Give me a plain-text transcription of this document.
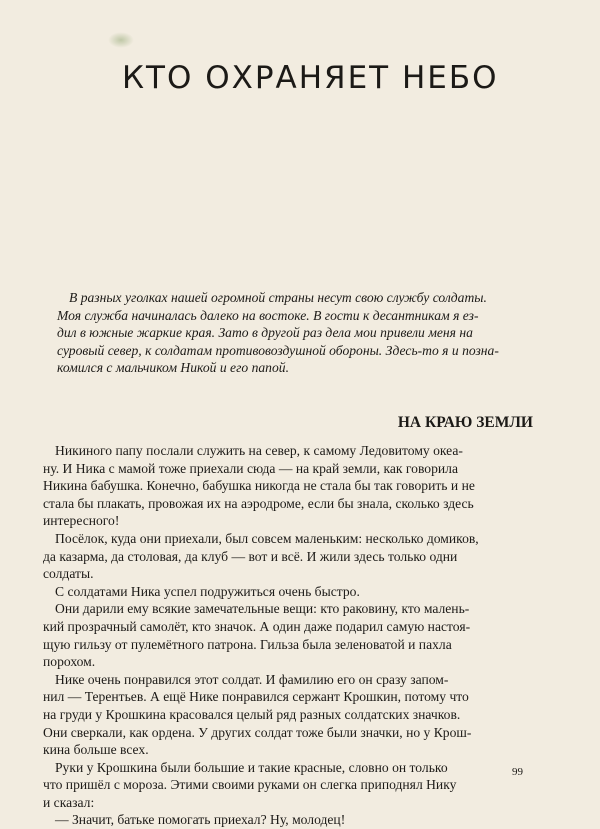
КТО ОХРАНЯЕТ НЕБО
В разных уголках нашей огромной страны несут свою службу солдаты.
Моя служба начиналась далеко на востоке. В гости к десантникам я ез-
дил в южные жаркие края. Зато в другой раз дела мои привели меня на
суровый север, к солдатам противовоздушной обороны. Здесь-то я и позна-
комился с мальчиком Никой и его папой.
НА КРАЮ ЗЕМЛИ
Никиного папу послали служить на север, к самому Ледовитому океа-
ну. И Ника с мамой тоже приехали сюда — на край земли, как говорила
Никина бабушка. Конечно, бабушка никогда не стала бы так говорить и не
стала бы плакать, провожая их на аэродроме, если бы знала, сколько здесь
интересного!
Посёлок, куда они приехали, был совсем маленьким: несколько домиков,
да казарма, да столовая, да клуб — вот и всё. И жили здесь только одни
солдаты.
С солдатами Ника успел подружиться очень быстро.
Они дарили ему всякие замечательные вещи: кто раковину, кто малень-
кий прозрачный самолёт, кто значок. А один даже подарил самую настоя-
щую гильзу от пулемётного патрона. Гильза была зеленоватой и пахла
порохом.
Нике очень понравился этот солдат. И фамилию его он сразу запом-
нил — Терентьев. А ещё Нике понравился сержант Крошкин, потому что
на груди у Крошкина красовался целый ряд разных солдатских значков.
Они сверкали, как ордена. У других солдат тоже были значки, но у Крош-
кина больше всех.
Руки у Крошкина были большие и такие красные, словно он только
что пришёл с мороза. Этими своими руками он слегка приподнял Нику
и сказал:
— Значит, батьке помогать приехал? Ну, молодец!
99
